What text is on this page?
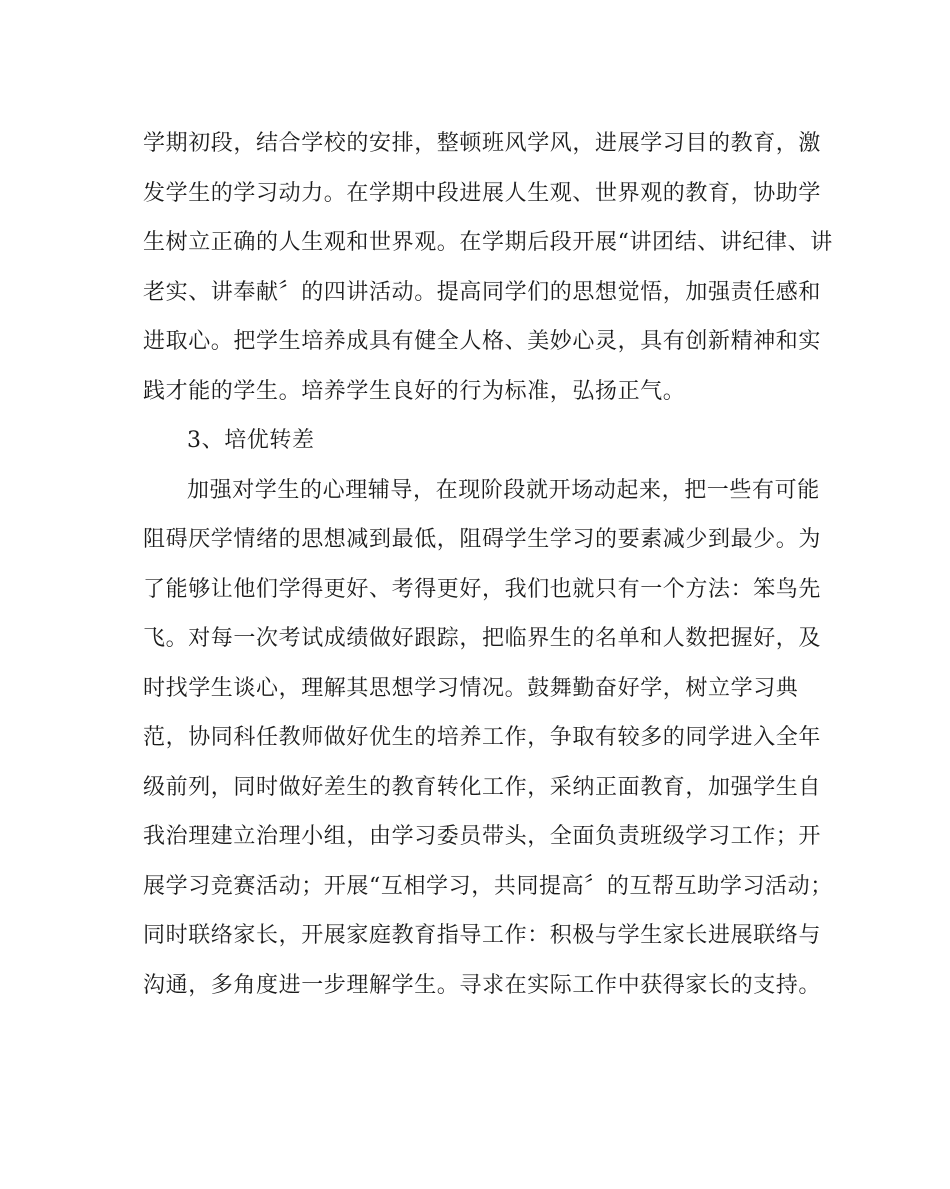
学期初段，结合学校的安排，整顿班风学风，进展学习目的教育，激
发学生的学习动力。在学期中段进展人生观、世界观的教育，协助学
生树立正确的人生观和世界观。在学期后段开展“讲团结、讲纪律、讲
老实、讲奉献〞的四讲活动。提高同学们的思想觉悟，加强责任感和
进取心。把学生培养成具有健全人格、美妙心灵，具有创新精神和实
践才能的学生。培养学生良好的行为标准，弘扬正气。
3、培优转差
加强对学生的心理辅导，在现阶段就开场动起来，把一些有可能
阻碍厌学情绪的思想减到最低，阻碍学生学习的要素减少到最少。为
了能够让他们学得更好、考得更好，我们也就只有一个方法：笨鸟先
飞。对每一次考试成绩做好跟踪，把临界生的名单和人数把握好，及
时找学生谈心，理解其思想学习情况。鼓舞勤奋好学，树立学习典
范，协同科任教师做好优生的培养工作，争取有较多的同学进入全年
级前列，同时做好差生的教育转化工作，采纳正面教育，加强学生自
我治理建立治理小组，由学习委员带头，全面负责班级学习工作；开
展学习竞赛活动；开展“互相学习，共同提高〞的互帮互助学习活动；
同时联络家长，开展家庭教育指导工作：积极与学生家长进展联络与
沟通，多角度进一步理解学生。寻求在实际工作中获得家长的支持。
